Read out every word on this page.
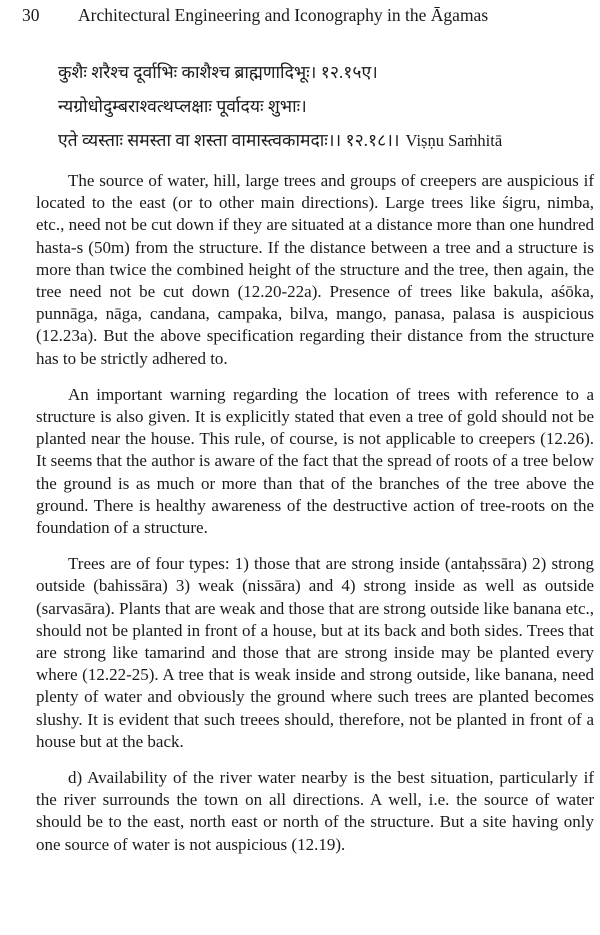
30 Architectural Engineering and Iconography in the Āgamas
कुशैः शरैश्च दूर्वाभिः काशैश्च ब्राह्मणादिभूः। १२.१५ए।
न्यग्रोधोदुम्बराश्वत्थप्लक्षाः पूर्वादयः शुभाः।
एते व्यस्ताः समस्ता वा शस्ता वामास्त्वकामदाः।। १२.१८।। Viṣṇu Saṁhitā

The source of water, hill, large trees and groups of creepers are auspicious if located to the east (or to other main directions). Large trees like śigru, nimba, etc., need not be cut down if they are situated at a distance more than one hundred hasta-s (50m) from the structure. If the distance between a tree and a structure is more than twice the combined height of the structure and the tree, then again, the tree need not be cut down (12.20-22a). Presence of trees like bakula, aśōka, punnāga, nāga, candana, campaka, bilva, mango, panasa, palasa is auspicious (12.23a). But the above specification regarding their distance from the structure has to be strictly adhered to.

An important warning regarding the location of trees with reference to a structure is also given. It is explicitly stated that even a tree of gold should not be planted near the house. This rule, of course, is not applicable to creepers (12.26). It seems that the author is aware of the fact that the spread of roots of a tree below the ground is as much or more than that of the branches of the tree above the ground. There is healthy awareness of the destructive action of tree-roots on the foundation of a structure.

Trees are of four types: 1) those that are strong inside (antaḥssāra) 2) strong outside (bahissāra) 3) weak (nissāra) and 4) strong inside as well as outside (sarvasāra). Plants that are weak and those that are strong outside like banana etc., should not be planted in front of a house, but at its back and both sides. Trees that are strong like tamarind and those that are strong inside may be planted every where (12.22-25). A tree that is weak inside and strong outside, like banana, need plenty of water and obviously the ground where such trees are planted becomes slushy. It is evident that such treees should, therefore, not be planted in front of a house but at the back.

d) Availability of the river water nearby is the best situation, particularly if the river surrounds the town on all directions. A well, i.e. the source of water should be to the east, north east or north of the structure. But a site having only one source of water is not auspicious (12.19).
